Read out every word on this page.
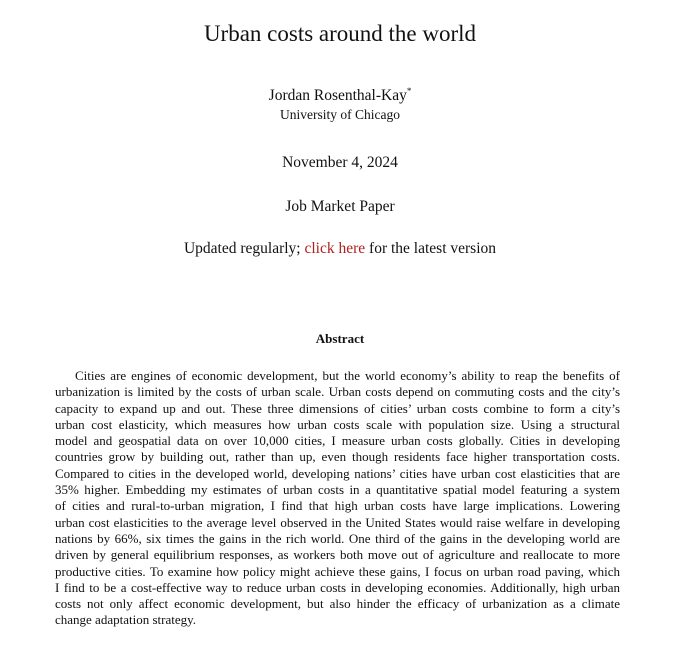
Urban costs around the world
Jordan Rosenthal-Kay*
University of Chicago
November 4, 2024
Job Market Paper
Updated regularly; click here for the latest version
Abstract
Cities are engines of economic development, but the world economy’s ability to reap the benefits of
urbanization is limited by the costs of urban scale. Urban costs depend on commuting costs and the city’s
capacity to expand up and out. These three dimensions of cities’ urban costs combine to form a city’s
urban cost elasticity, which measures how urban costs scale with population size. Using a structural
model and geospatial data on over 10,000 cities, I measure urban costs globally. Cities in developing
countries grow by building out, rather than up, even though residents face higher transportation costs.
Compared to cities in the developed world, developing nations’ cities have urban cost elasticities that are
35% higher. Embedding my estimates of urban costs in a quantitative spatial model featuring a system
of cities and rural-to-urban migration, I find that high urban costs have large implications. Lowering
urban cost elasticities to the average level observed in the United States would raise welfare in developing
nations by 66%, six times the gains in the rich world. One third of the gains in the developing world are
driven by general equilibrium responses, as workers both move out of agriculture and reallocate to more
productive cities. To examine how policy might achieve these gains, I focus on urban road paving, which
I find to be a cost-effective way to reduce urban costs in developing economies. Additionally, high urban
costs not only affect economic development, but also hinder the efficacy of urbanization as a climate
change adaptation strategy.
